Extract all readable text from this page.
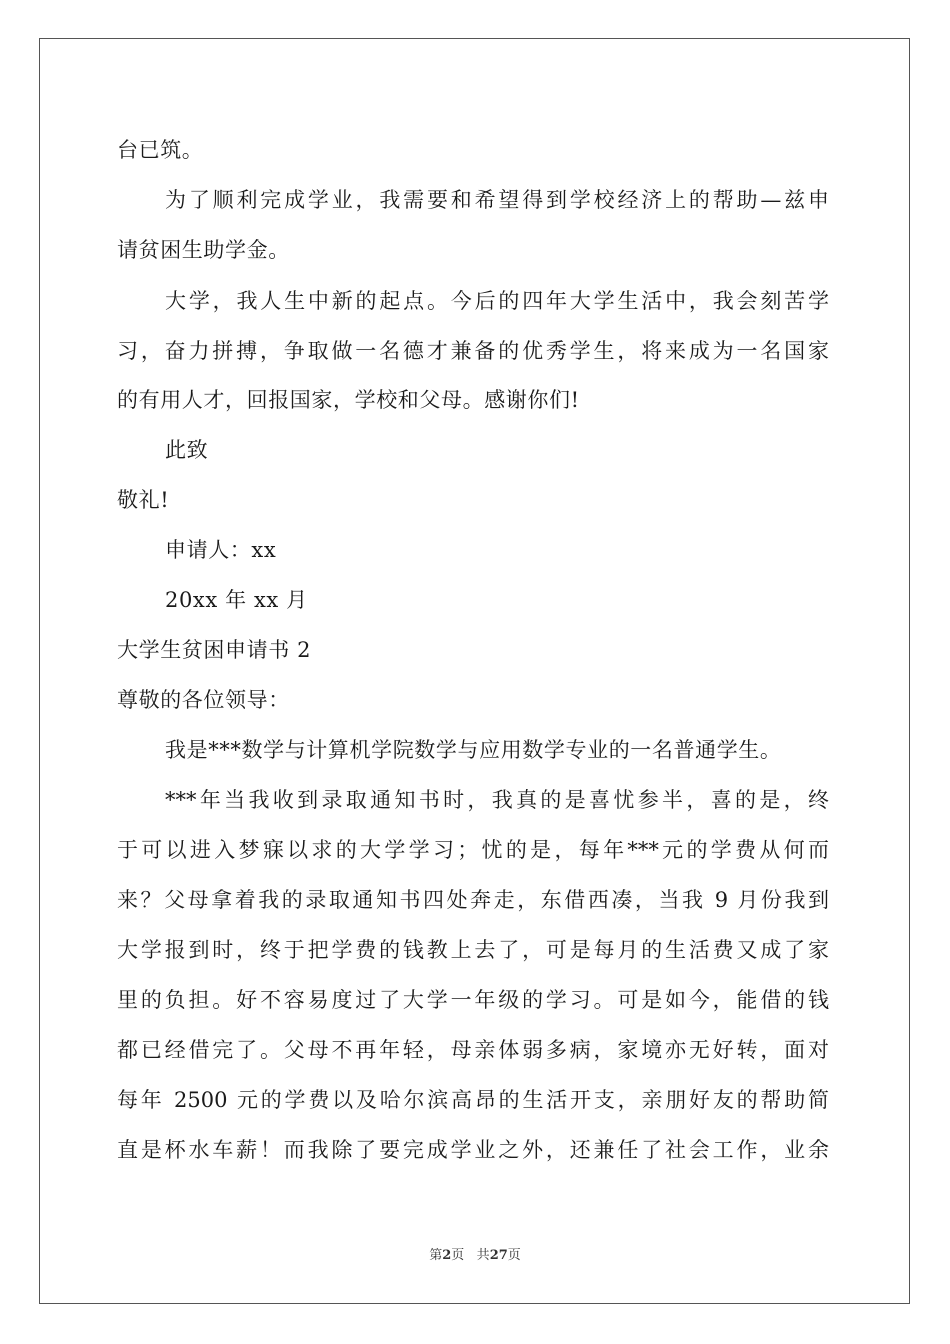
台已筑。
为了顺利完成学业，我需要和希望得到学校经济上的帮助—兹申
请贫困生助学金。
大学，我人生中新的起点。今后的四年大学生活中，我会刻苦学
习，奋力拼搏，争取做一名德才兼备的优秀学生，将来成为一名国家
的有用人才，回报国家，学校和父母。感谢你们!
此致
敬礼!
申请人：xx
20xx 年 xx 月
大学生贫困申请书 2
尊敬的各位领导：
我是***数学与计算机学院数学与应用数学专业的一名普通学生。
***年当我收到录取通知书时，我真的是喜忧参半，喜的是，终
于可以进入梦寐以求的大学学习；忧的是，每年***元的学费从何而
来？父母拿着我的录取通知书四处奔走，东借西凑，当我 9 月份我到
大学报到时，终于把学费的钱教上去了，可是每月的生活费又成了家
里的负担。好不容易度过了大学一年级的学习。可是如今，能借的钱
都已经借完了。父母不再年轻，母亲体弱多病，家境亦无好转，面对
每年 2500 元的学费以及哈尔滨高昂的生活开支，亲朋好友的帮助简
直是杯水车薪！而我除了要完成学业之外，还兼任了社会工作，业余
第2页 共27页
